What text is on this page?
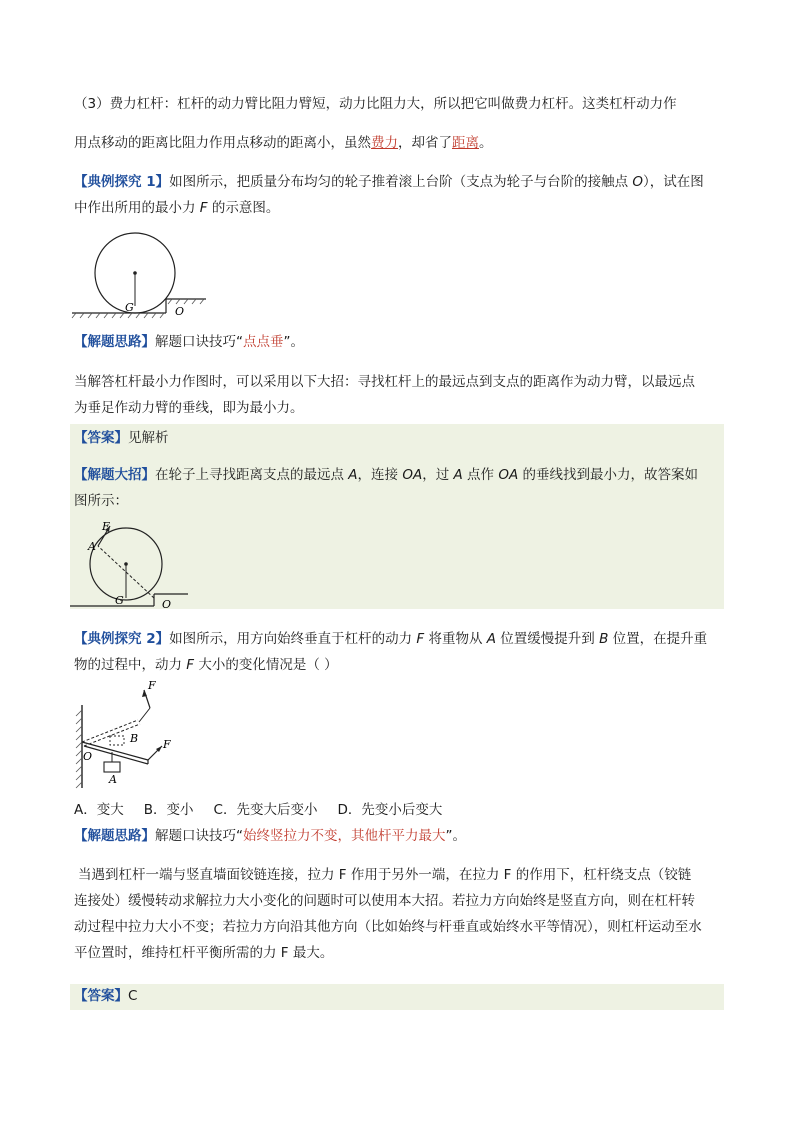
（3）费力杠杆：杠杆的动力臂比阻力臂短，动力比阻力大，所以把它叫做费力杠杆。这类杠杆动力作
用点移动的距离比阻力作用点移动的距离小，虽然费力，却省了距离。
【典例探究 1】如图所示，把质量分布均匀的轮子推着滚上台阶（支点为轮子与台阶的接触点 O），试在图
中作出所用的最小力 F 的示意图。
G	O
【解题思路】解题口诀技巧“点点垂”。
当解答杠杆最小力作图时，可以采用以下大招：寻找杠杆上的最远点到支点的距离作为动力臂，以最远点
为垂足作动力臂的垂线，即为最小力。
【答案】见解析
【解题大招】在轮子上寻找距离支点的最远点 A，连接 OA，过 A 点作 OA 的垂线找到最小力，故答案如
图所示：
F
A
G	O
【典例探究 2】如图所示，用方向始终垂直于杠杆的动力 F 将重物从 A 位置缓慢提升到 B 位置，在提升重
物的过程中，动力 F 大小的变化情况是（ ）
F
F
B
O
A
A．变大 B．变小 C．先变大后变小 D．先变小后变大
【解题思路】解题口诀技巧“始终竖拉力不变，其他杆平力最大”。
当遇到杠杆一端与竖直墙面铰链连接，拉力 F 作用于另外一端，在拉力 F 的作用下，杠杆绕支点（铰链
连接处）缓慢转动求解拉力大小变化的问题时可以使用本大招。若拉力方向始终是竖直方向，则在杠杆转
动过程中拉力大小不变；若拉力方向沿其他方向（比如始终与杆垂直或始终水平等情况），则杠杆运动至水
平位置时，维持杠杆平衡所需的力 F 最大。
【答案】C
